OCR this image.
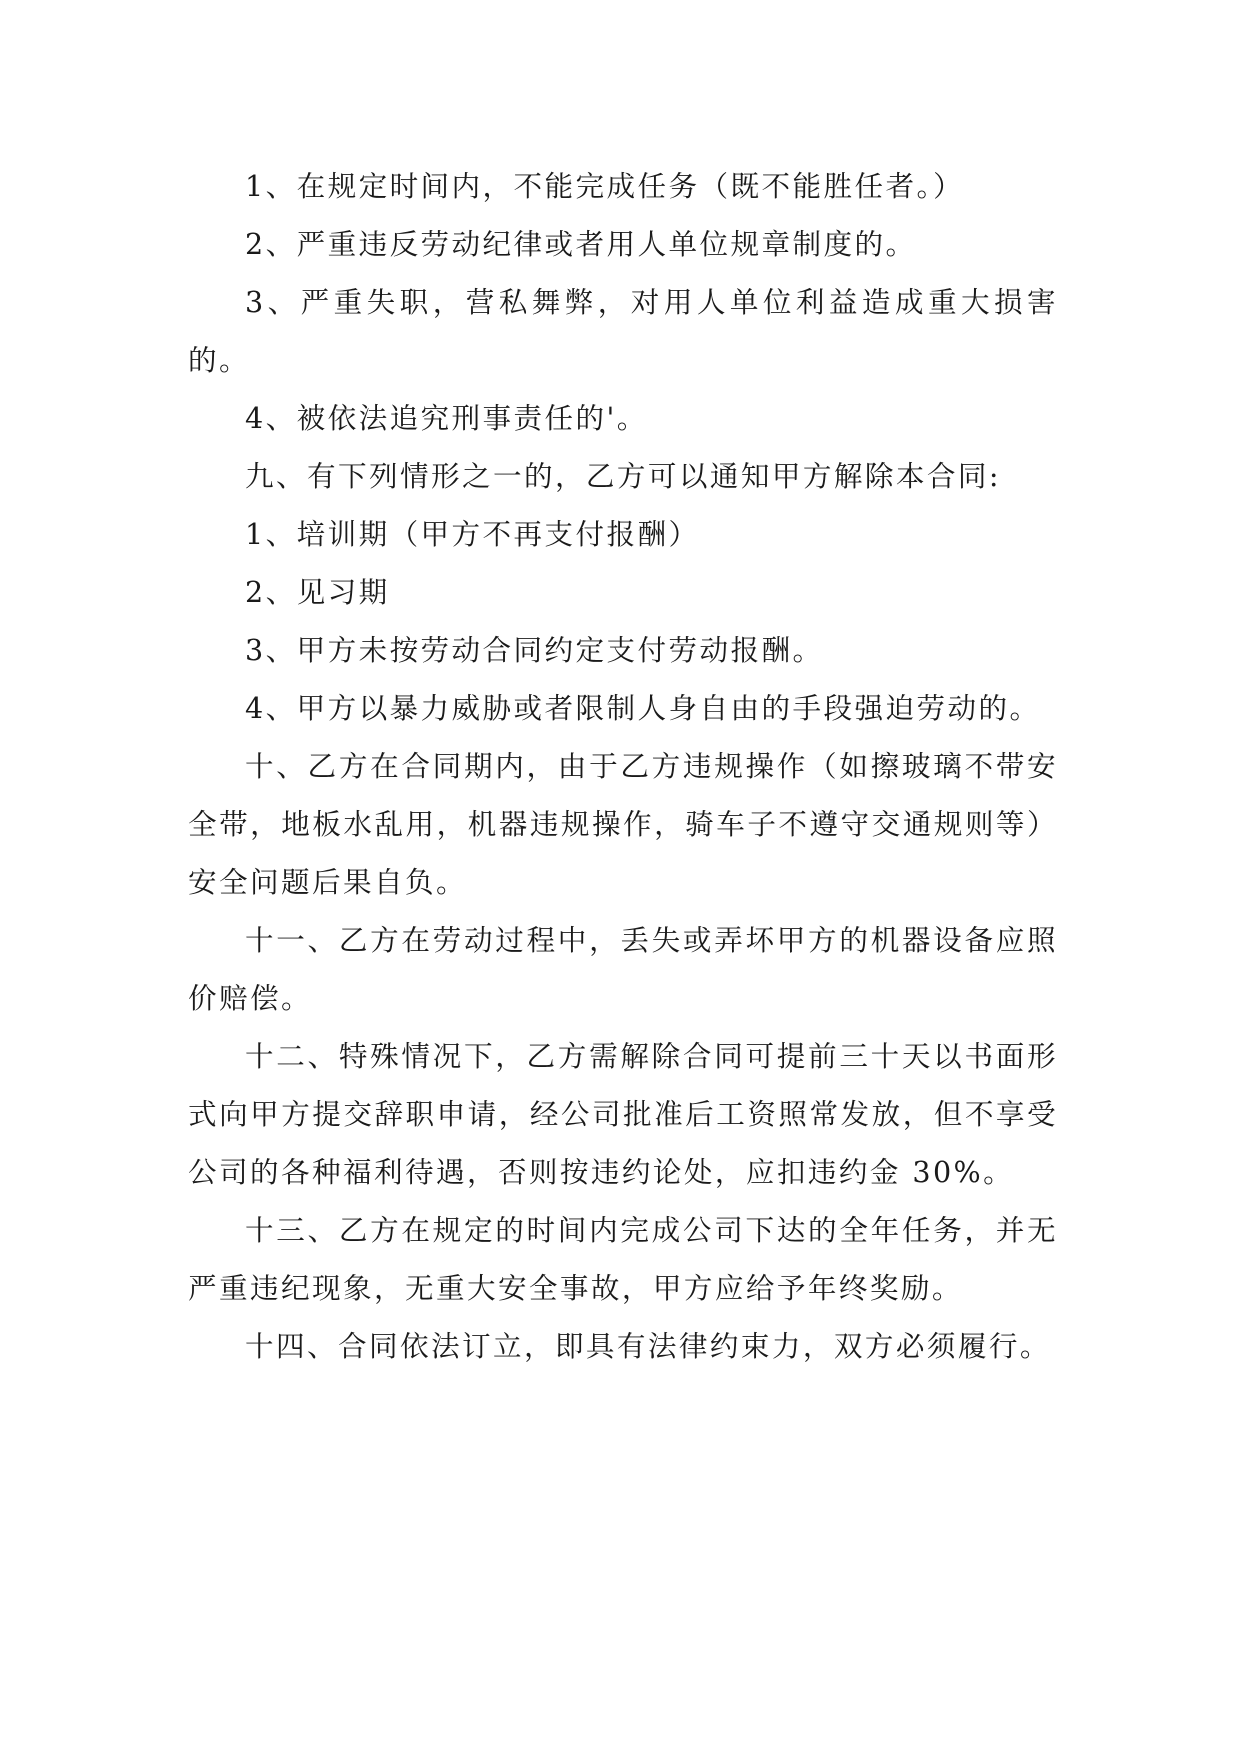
1、在规定时间内，不能完成任务（既不能胜任者。）

2、严重违反劳动纪律或者用人单位规章制度的。

3、严重失职，营私舞弊，对用人单位利益造成重大损害的。

4、被依法追究刑事责任的'。

九、有下列情形之一的，乙方可以通知甲方解除本合同:

1、培训期（甲方不再支付报酬）

2、见习期

3、甲方未按劳动合同约定支付劳动报酬。

4、甲方以暴力威胁或者限制人身自由的手段强迫劳动的。

十、乙方在合同期内，由于乙方违规操作（如擦玻璃不带安全带，地板水乱用，机器违规操作，骑车子不遵守交通规则等）安全问题后果自负。

十一、乙方在劳动过程中，丢失或弄坏甲方的机器设备应照价赔偿。

十二、特殊情况下，乙方需解除合同可提前三十天以书面形式向甲方提交辞职申请，经公司批准后工资照常发放，但不享受公司的各种福利待遇，否则按违约论处，应扣违约金 30%。

十三、乙方在规定的时间内完成公司下达的全年任务，并无严重违纪现象，无重大安全事故，甲方应给予年终奖励。

十四、合同依法订立，即具有法律约束力，双方必须履行。
